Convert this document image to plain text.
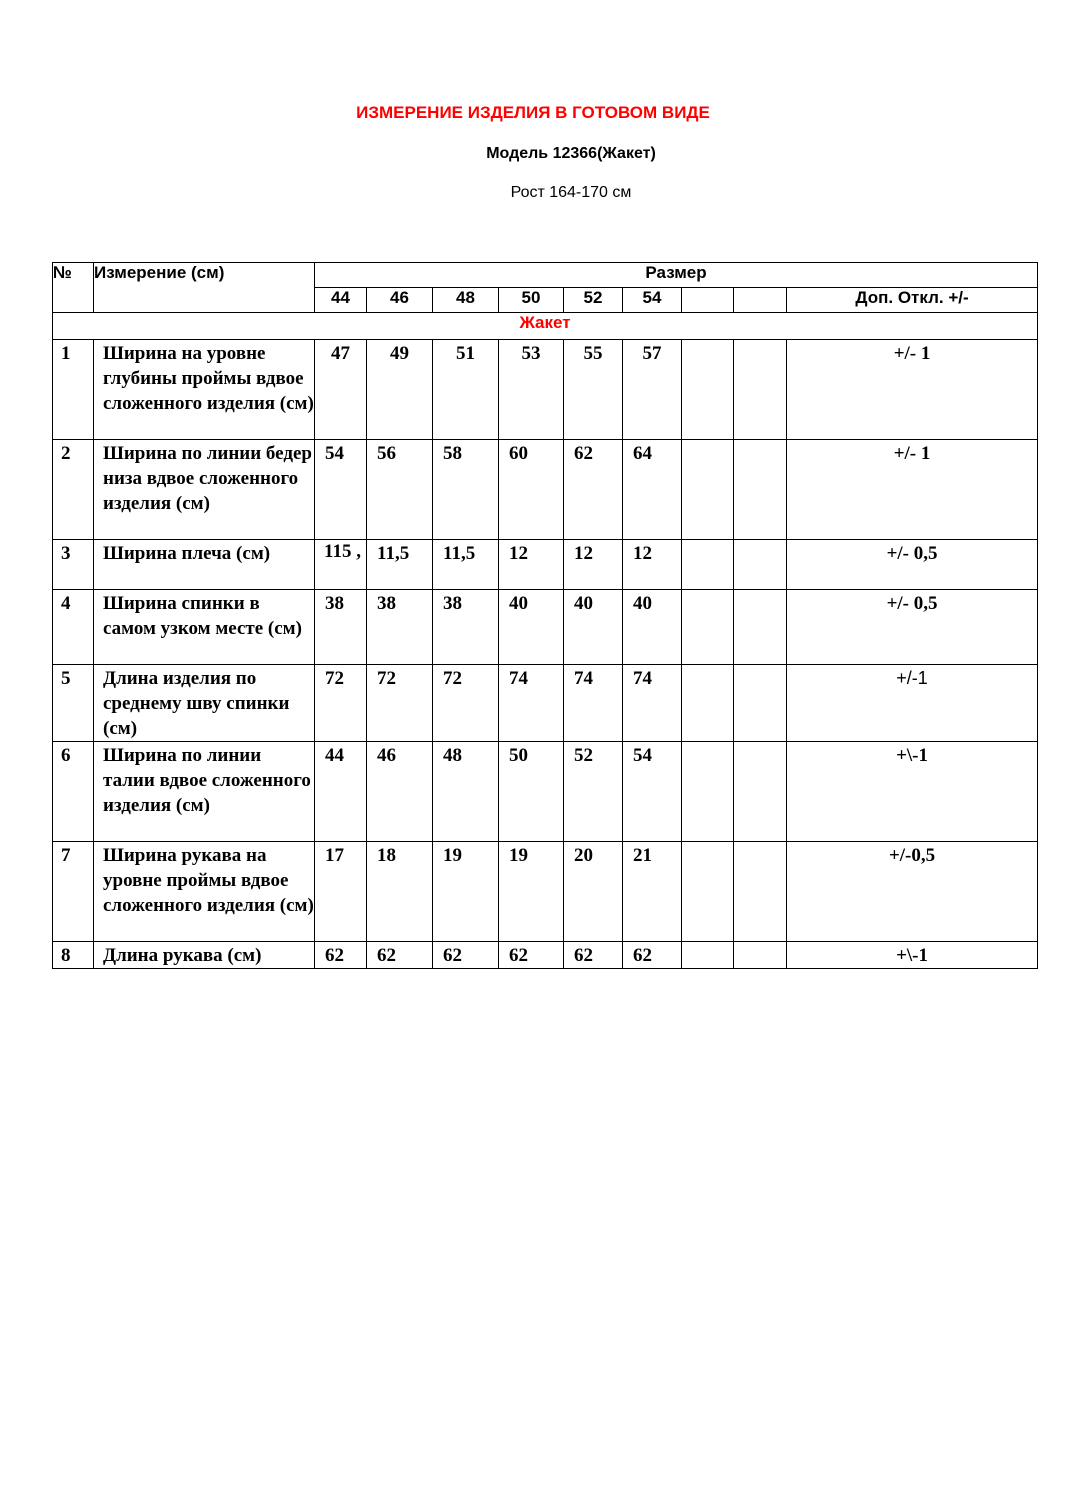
ИЗМЕРЕНИЕ ИЗДЕЛИЯ В ГОТОВОМ ВИДЕ
Модель 12366(Жакет)
Рост 164-170 см
№	Измерение (см)	Размер								
		44	46	48	50	52	54			Доп. Откл. +/-
Жакет										
1	Ширина на уровне глубины проймы вдвое сложенного изделия (см)	47	49	51	53	55	57			+/- 1
2	Ширина по линии бедер низа вдвое сложенного изделия (см)	54	56	58	60	62	64			+/- 1
3	Ширина плеча (см)	115 ,	11,5	11,5	12	12	12			+/- 0,5
4	Ширина спинки в самом узком месте (см)	38	38	38	40	40	40			+/- 0,5
5	Длина изделия по среднему шву спинки (см)	72	72	72	74	74	74			+/-1
6	Ширина по линии талии вдвое сложенного изделия (см)	44	46	48	50	52	54			+\-1
7	Ширина рукава на уровне проймы вдвое сложенного изделия (см)	17	18	19	19	20	21			+/-0,5
8	Длина рукава (см)	62	62	62	62	62	62			+\-1
